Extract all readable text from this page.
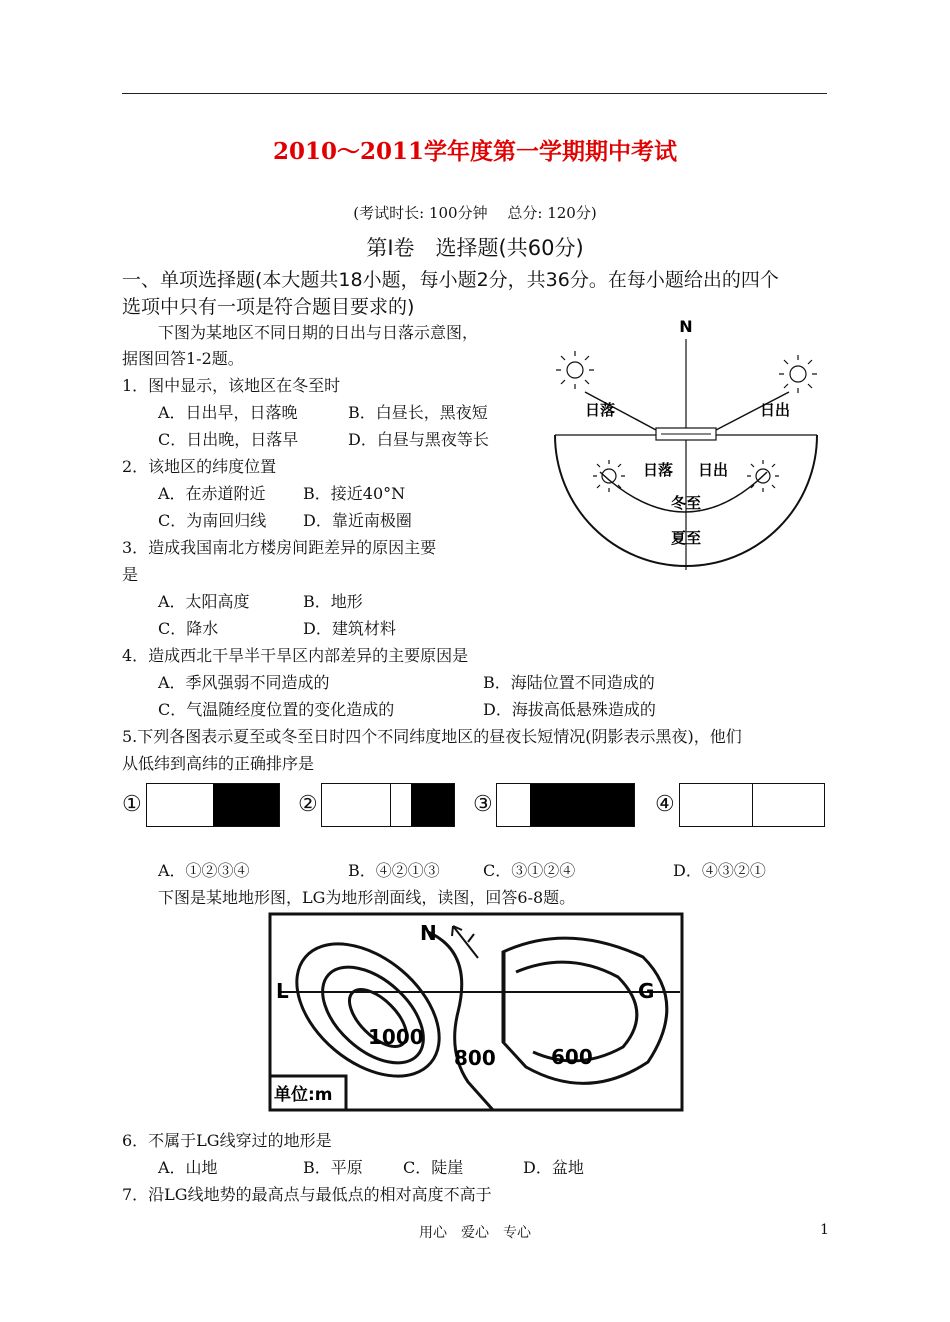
2010～2011学年度第一学期期中考试
(考试时长: 100分钟　 总分: 120分)
第Ⅰ卷　选择题(共60分)
一、单项选择题(本大题共18小题，每小题2分，共36分。在每小题给出的四个
选项中只有一项是符合题目要求的)
下图为某地区不同日期的日出与日落示意图，
据图回答1-2题。
1．图中显示，该地区在冬至时
A．日出早，日落晚	B．白昼长，黑夜短
C．日出晚，日落早	D．白昼与黑夜等长
2．该地区的纬度位置
A．在赤道附近 B．接近40°N
C．为南回归线 D．靠近南极圈
3．造成我国南北方楼房间距差异的原因主要
是
A．太阳高度	B．地形
C．降水	D．建筑材料
4．造成西北干旱半干旱区内部差异的主要原因是
A．季风强弱不同造成的	B．海陆位置不同造成的
C．气温随经度位置的变化造成的	D．海拔高低悬殊造成的
5.下列各图表示夏至或冬至日时四个不同纬度地区的昼夜长短情况(阴影表示黑夜)，他们
从低纬到高纬的正确排序是
①	②	③	④
A．①②③④	B．④②①③	C．③①②④	D．④③②①
下图是某地地形图，LG为地形剖面线，读图，回答6-8题。
N
日落	日出
日落 日出
冬至
夏至
N
L	G
1000
800	600
单位:m
6．不属于LG线穿过的地形是
A．山地	B．平原	C．陡崖	D．盆地
7．沿LG线地势的最高点与最低点的相对高度不高于
用心　爱心　专心	1
